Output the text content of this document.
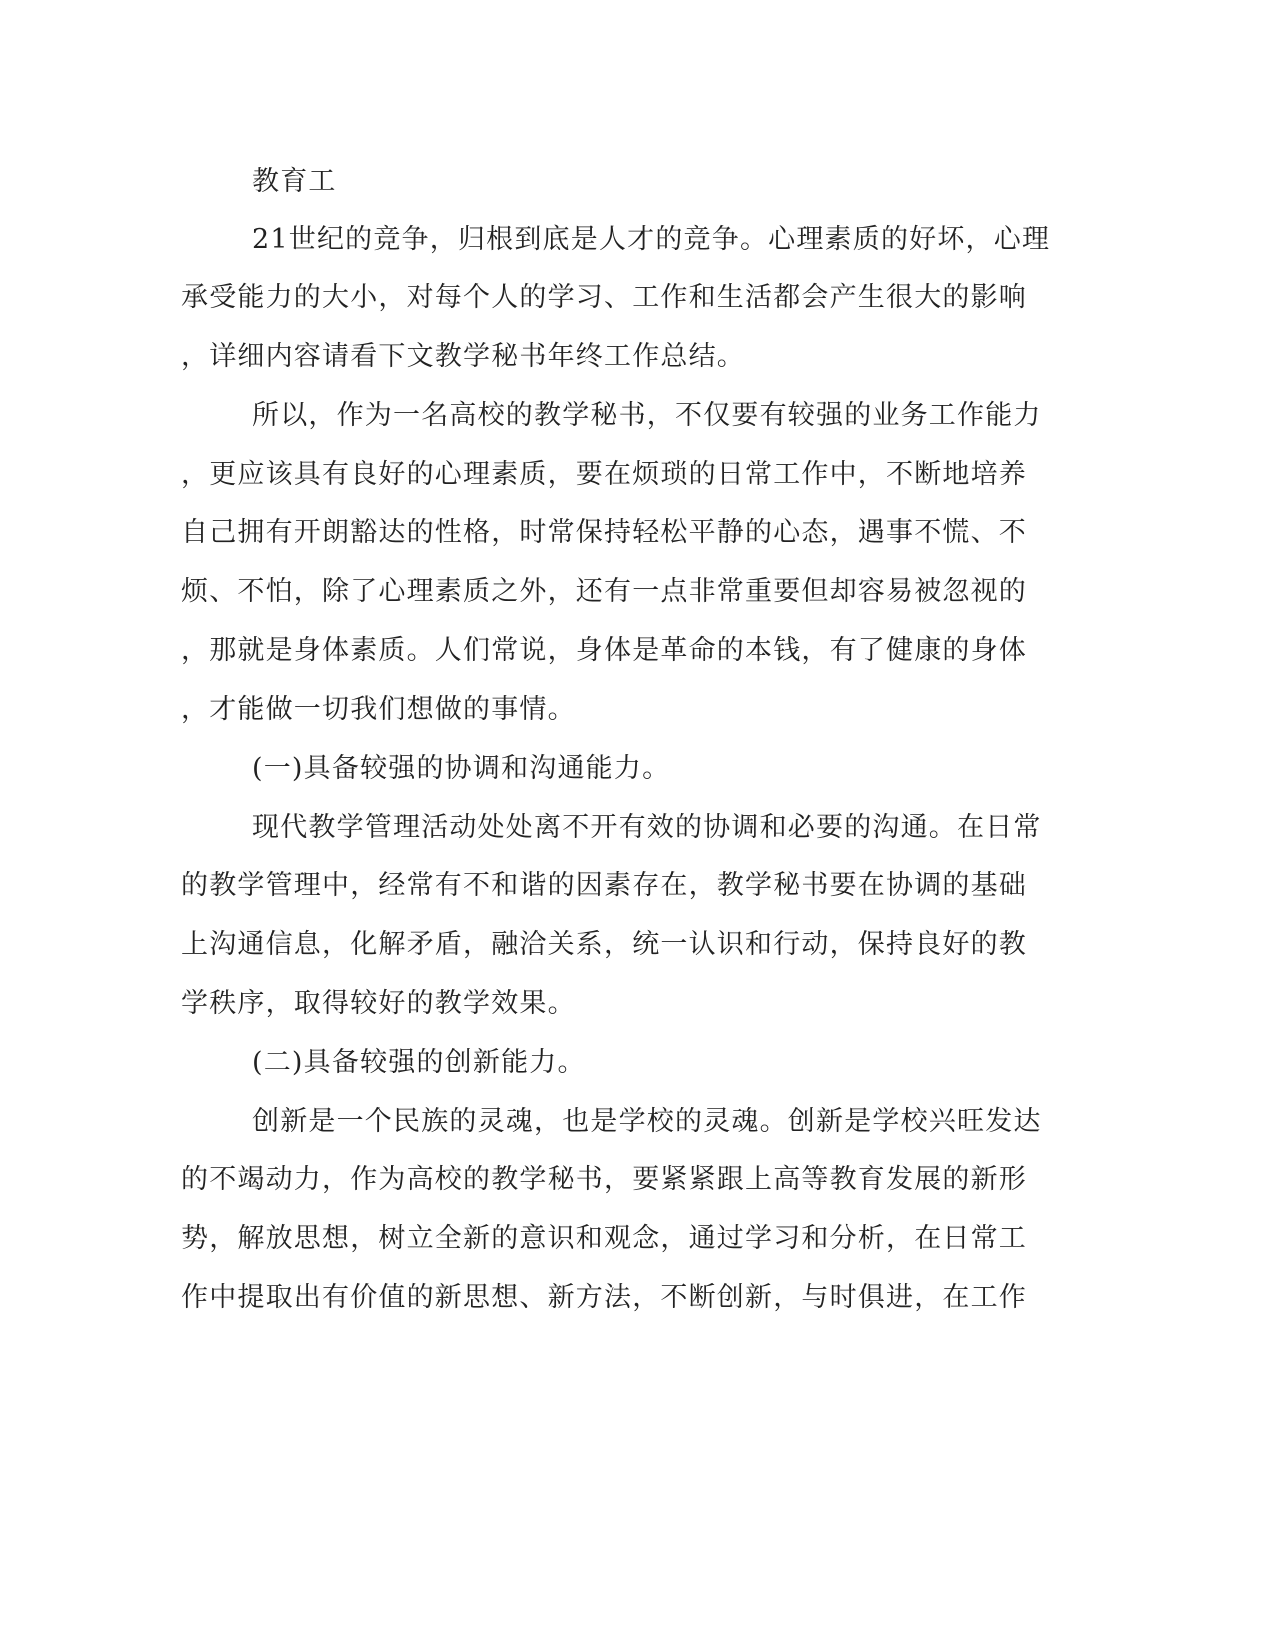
教育工
21世纪的竞争，归根到底是人才的竞争。心理素质的好坏，心理
承受能力的大小，对每个人的学习、工作和生活都会产生很大的影响
，详细内容请看下文教学秘书年终工作总结。
所以，作为一名高校的教学秘书，不仅要有较强的业务工作能力
，更应该具有良好的心理素质，要在烦琐的日常工作中，不断地培养
自己拥有开朗豁达的性格，时常保持轻松平静的心态，遇事不慌、不
烦、不怕，除了心理素质之外，还有一点非常重要但却容易被忽视的
，那就是身体素质。人们常说，身体是革命的本钱，有了健康的身体
，才能做一切我们想做的事情。
(一)具备较强的协调和沟通能力。
现代教学管理活动处处离不开有效的协调和必要的沟通。在日常
的教学管理中，经常有不和谐的因素存在，教学秘书要在协调的基础
上沟通信息，化解矛盾，融洽关系，统一认识和行动，保持良好的教
学秩序，取得较好的教学效果。
(二)具备较强的创新能力。
创新是一个民族的灵魂，也是学校的灵魂。创新是学校兴旺发达
的不竭动力，作为高校的教学秘书，要紧紧跟上高等教育发展的新形
势，解放思想，树立全新的意识和观念，通过学习和分析，在日常工
作中提取出有价值的新思想、新方法，不断创新，与时俱进，在工作
